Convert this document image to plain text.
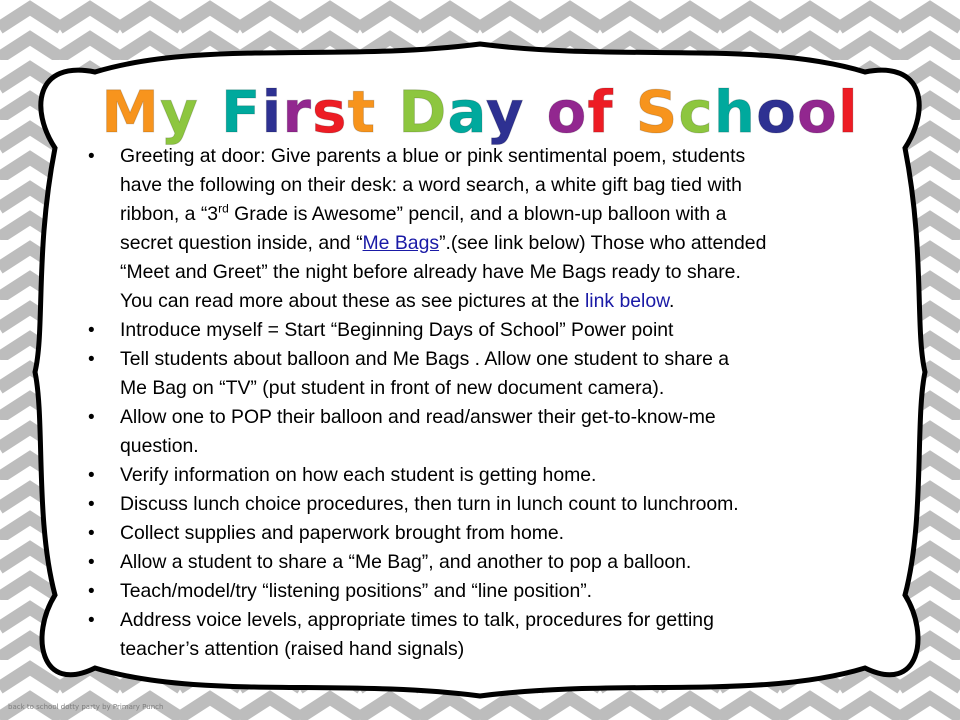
My First Day of School
• Greeting at door: Give parents a blue or pink sentimental poem, students
have the following on their desk: a word search, a white gift bag tied with
ribbon, a “3rd Grade is Awesome” pencil, and a blown-up balloon with a
secret question inside, and “Me Bags”.(see link below) Those who attended
“Meet and Greet” the night before already have Me Bags ready to share.
You can read more about these as see pictures at the link below.
• Introduce myself = Start “Beginning Days of School” Power point
• Tell students about balloon and Me Bags . Allow one student to share a
Me Bag on “TV” (put student in front of new document camera).
• Allow one to POP their balloon and read/answer their get-to-know-me
question.
• Verify information on how each student is getting home.
• Discuss lunch choice procedures, then turn in lunch count to lunchroom.
• Collect supplies and paperwork brought from home.
• Allow a student to share a “Me Bag”, and another to pop a balloon.
• Teach/model/try “listening positions” and “line position”.
• Address voice levels, appropriate times to talk, procedures for getting
teacher’s attention (raised hand signals)
back to school dotty party by Primary Punch
